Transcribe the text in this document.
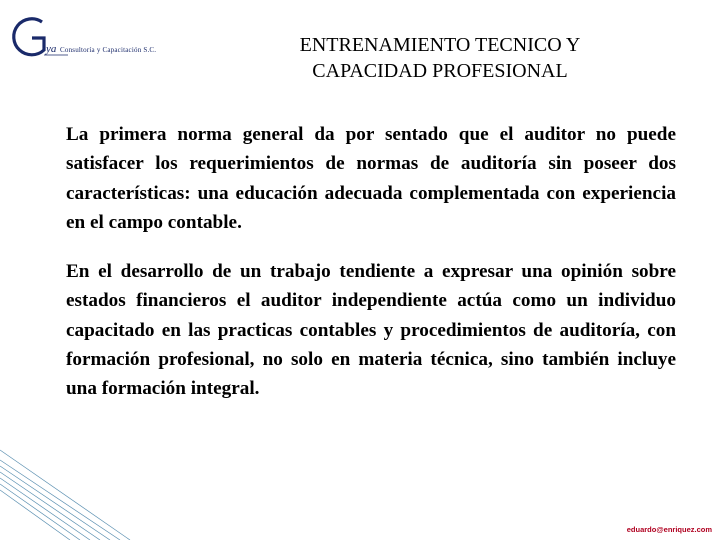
ya Consultoría y Capacitación S.C.	ENTRENAMIENTO TECNICO Y
CAPACIDAD PROFESIONAL

La primera norma general da por sentado que el auditor no puede satisfacer los requerimientos de normas de auditoría sin poseer dos características: una educación adecuada complementada con experiencia en el campo contable.

En el desarrollo de un trabajo tendiente a expresar una opinión sobre estados financieros el auditor independiente actúa como un individuo capacitado en las practicas contables y procedimientos de auditoría, con formación profesional, no solo en materia técnica, sino también incluye una formación integral.

eduardo@enriquez.com
